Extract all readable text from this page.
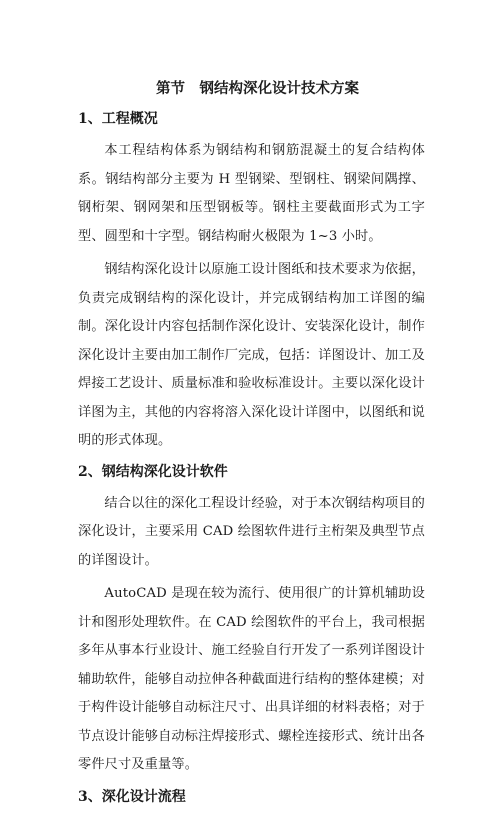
第节　钢结构深化设计技术方案
1、工程概况

本工程结构体系为钢结构和钢筋混凝土的复合结构体系。钢结构部分主要为 H 型钢梁、型钢柱、钢梁间隅撑、钢桁架、钢网架和压型钢板等。钢柱主要截面形式为工字型、圆型和十字型。钢结构耐火极限为 1~3 小时。

钢结构深化设计以原施工设计图纸和技术要求为依据，负责完成钢结构的深化设计，并完成钢结构加工详图的编制。深化设计内容包括制作深化设计、安装深化设计，制作深化设计主要由加工制作厂完成，包括：详图设计、加工及焊接工艺设计、质量标准和验收标准设计。主要以深化设计详图为主，其他的内容将溶入深化设计详图中，以图纸和说明的形式体现。

2、钢结构深化设计软件

结合以往的深化工程设计经验，对于本次钢结构项目的深化设计，主要采用 CAD 绘图软件进行主桁架及典型节点的详图设计。

AutoCAD 是现在较为流行、使用很广的计算机辅助设计和图形处理软件。在 CAD 绘图软件的平台上，我司根据多年从事本行业设计、施工经验自行开发了一系列详图设计辅助软件，能够自动拉伸各种截面进行结构的整体建模；对于构件设计能够自动标注尺寸、出具详细的材料表格；对于节点设计能够自动标注焊接形式、螺栓连接形式、统计出各零件尺寸及重量等。

3、深化设计流程
